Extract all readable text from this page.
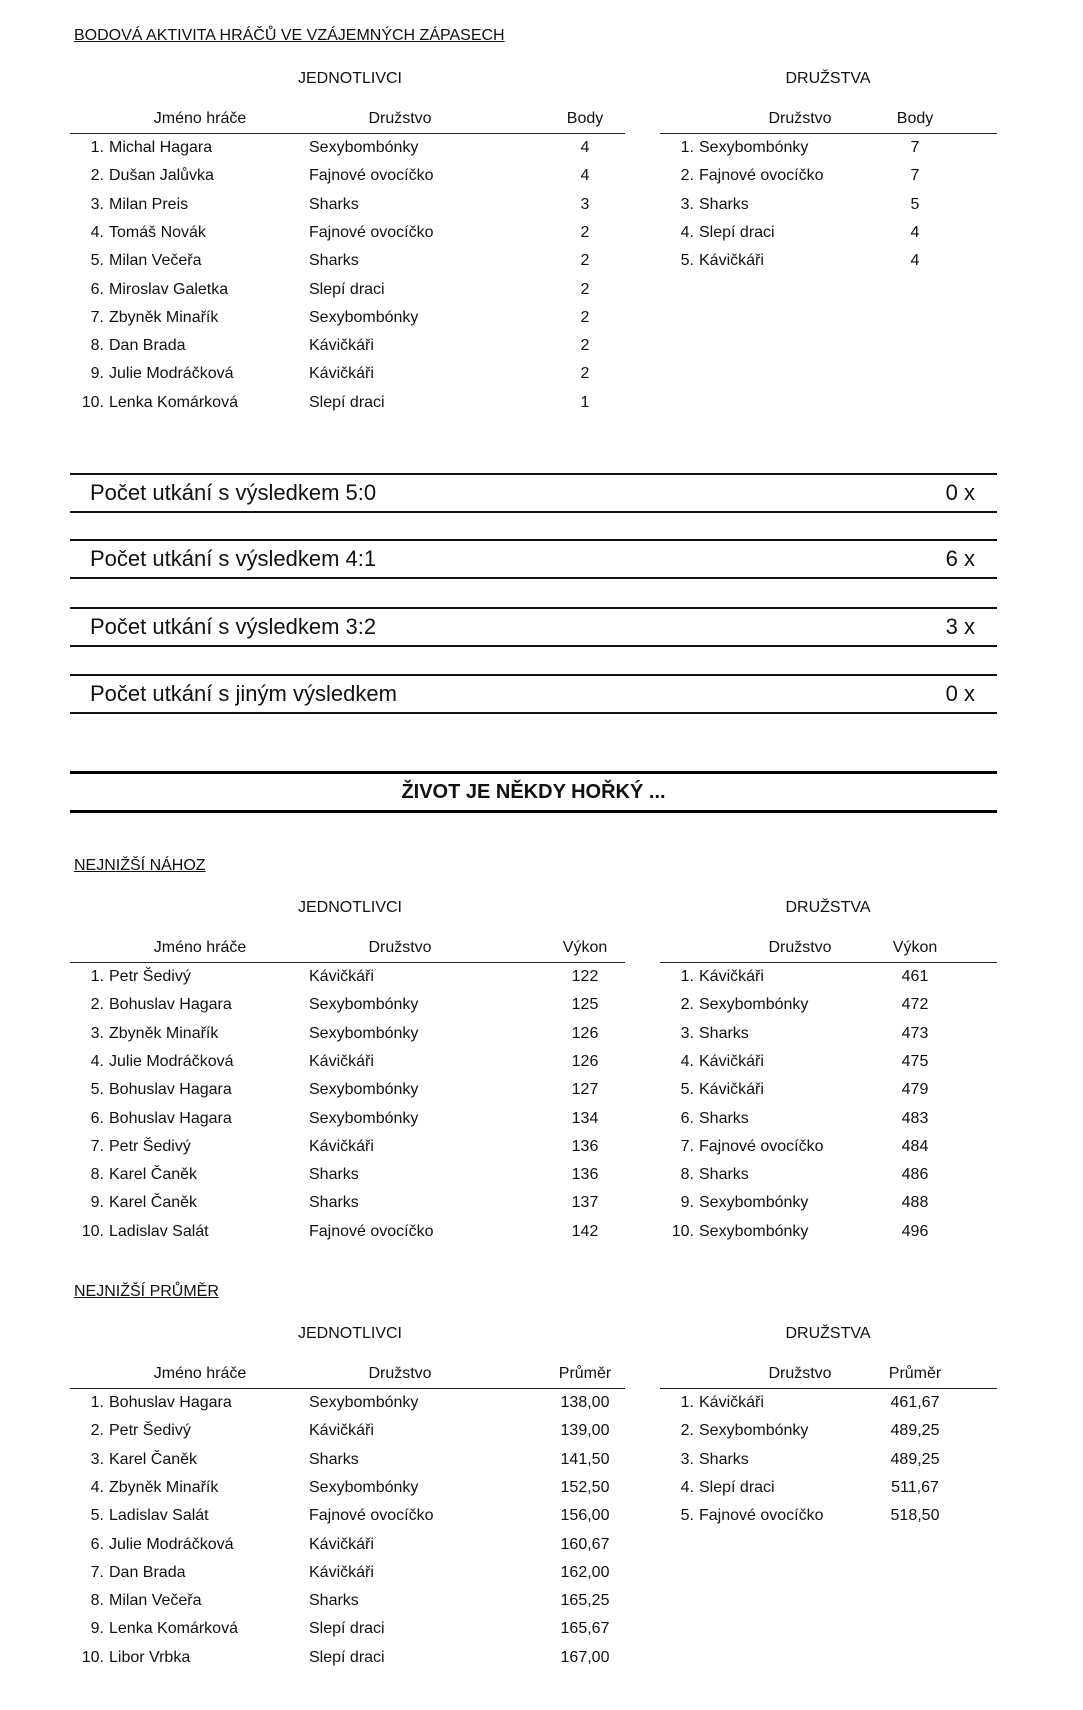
BODOVÁ AKTIVITA HRÁČŮ VE VZÁJEMNÝCH ZÁPASECH
JEDNOTLIVCI	DRUŽSTVA
Jméno hráče	Družstvo	Body
1. Michal Hagara	Sexybombónky	4
2. Dušan Jalůvka	Fajnové ovocíčko	4
3. Milan Preis	Sharks	3
4. Tomáš Novák	Fajnové ovocíčko	2
5. Milan Večeřa	Sharks	2
6. Miroslav Galetka	Slepí draci	2
7. Zbyněk Minařík	Sexybombónky	2
8. Dan Brada	Kávičkáři	2
9. Julie Modráčková	Kávičkáři	2
10. Lenka Komárková	Slepí draci	1
Družstvo	Body
1. Sexybombónky	7
2. Fajnové ovocíčko	7
3. Sharks	5
4. Slepí draci	4
5. Kávičkáři	4
Počet utkání s výsledkem 5:0	0 x
Počet utkání s výsledkem 4:1	6 x
Počet utkání s výsledkem 3:2	3 x
Počet utkání s jiným výsledkem	0 x
ŽIVOT JE NĚKDY HOŘKÝ ...
NEJNIŽŠÍ NÁHOZ
JEDNOTLIVCI	DRUŽSTVA
Jméno hráče	Družstvo	Výkon
1. Petr Šedivý	Kávičkáři	122
2. Bohuslav Hagara	Sexybombónky	125
3. Zbyněk Minařík	Sexybombónky	126
4. Julie Modráčková	Kávičkáři	126
5. Bohuslav Hagara	Sexybombónky	127
6. Bohuslav Hagara	Sexybombónky	134
7. Petr Šedivý	Kávičkáři	136
8. Karel Čaněk	Sharks	136
9. Karel Čaněk	Sharks	137
10. Ladislav Salát	Fajnové ovocíčko	142
Družstvo	Výkon
1. Kávičkáři	461
2. Sexybombónky	472
3. Sharks	473
4. Kávičkáři	475
5. Kávičkáři	479
6. Sharks	483
7. Fajnové ovocíčko	484
8. Sharks	486
9. Sexybombónky	488
10. Sexybombónky	496
NEJNIŽŠÍ PRŮMĚR
JEDNOTLIVCI	DRUŽSTVA
Jméno hráče	Družstvo	Průměr
1. Bohuslav Hagara	Sexybombónky	138,00
2. Petr Šedivý	Kávičkáři	139,00
3. Karel Čaněk	Sharks	141,50
4. Zbyněk Minařík	Sexybombónky	152,50
5. Ladislav Salát	Fajnové ovocíčko	156,00
6. Julie Modráčková	Kávičkáři	160,67
7. Dan Brada	Kávičkáři	162,00
8. Milan Večeřa	Sharks	165,25
9. Lenka Komárková	Slepí draci	165,67
10. Libor Vrbka	Slepí draci	167,00
Družstvo	Průměr
1. Kávičkáři	461,67
2. Sexybombónky	489,25
3. Sharks	489,25
4. Slepí draci	511,67
5. Fajnové ovocíčko	518,50
